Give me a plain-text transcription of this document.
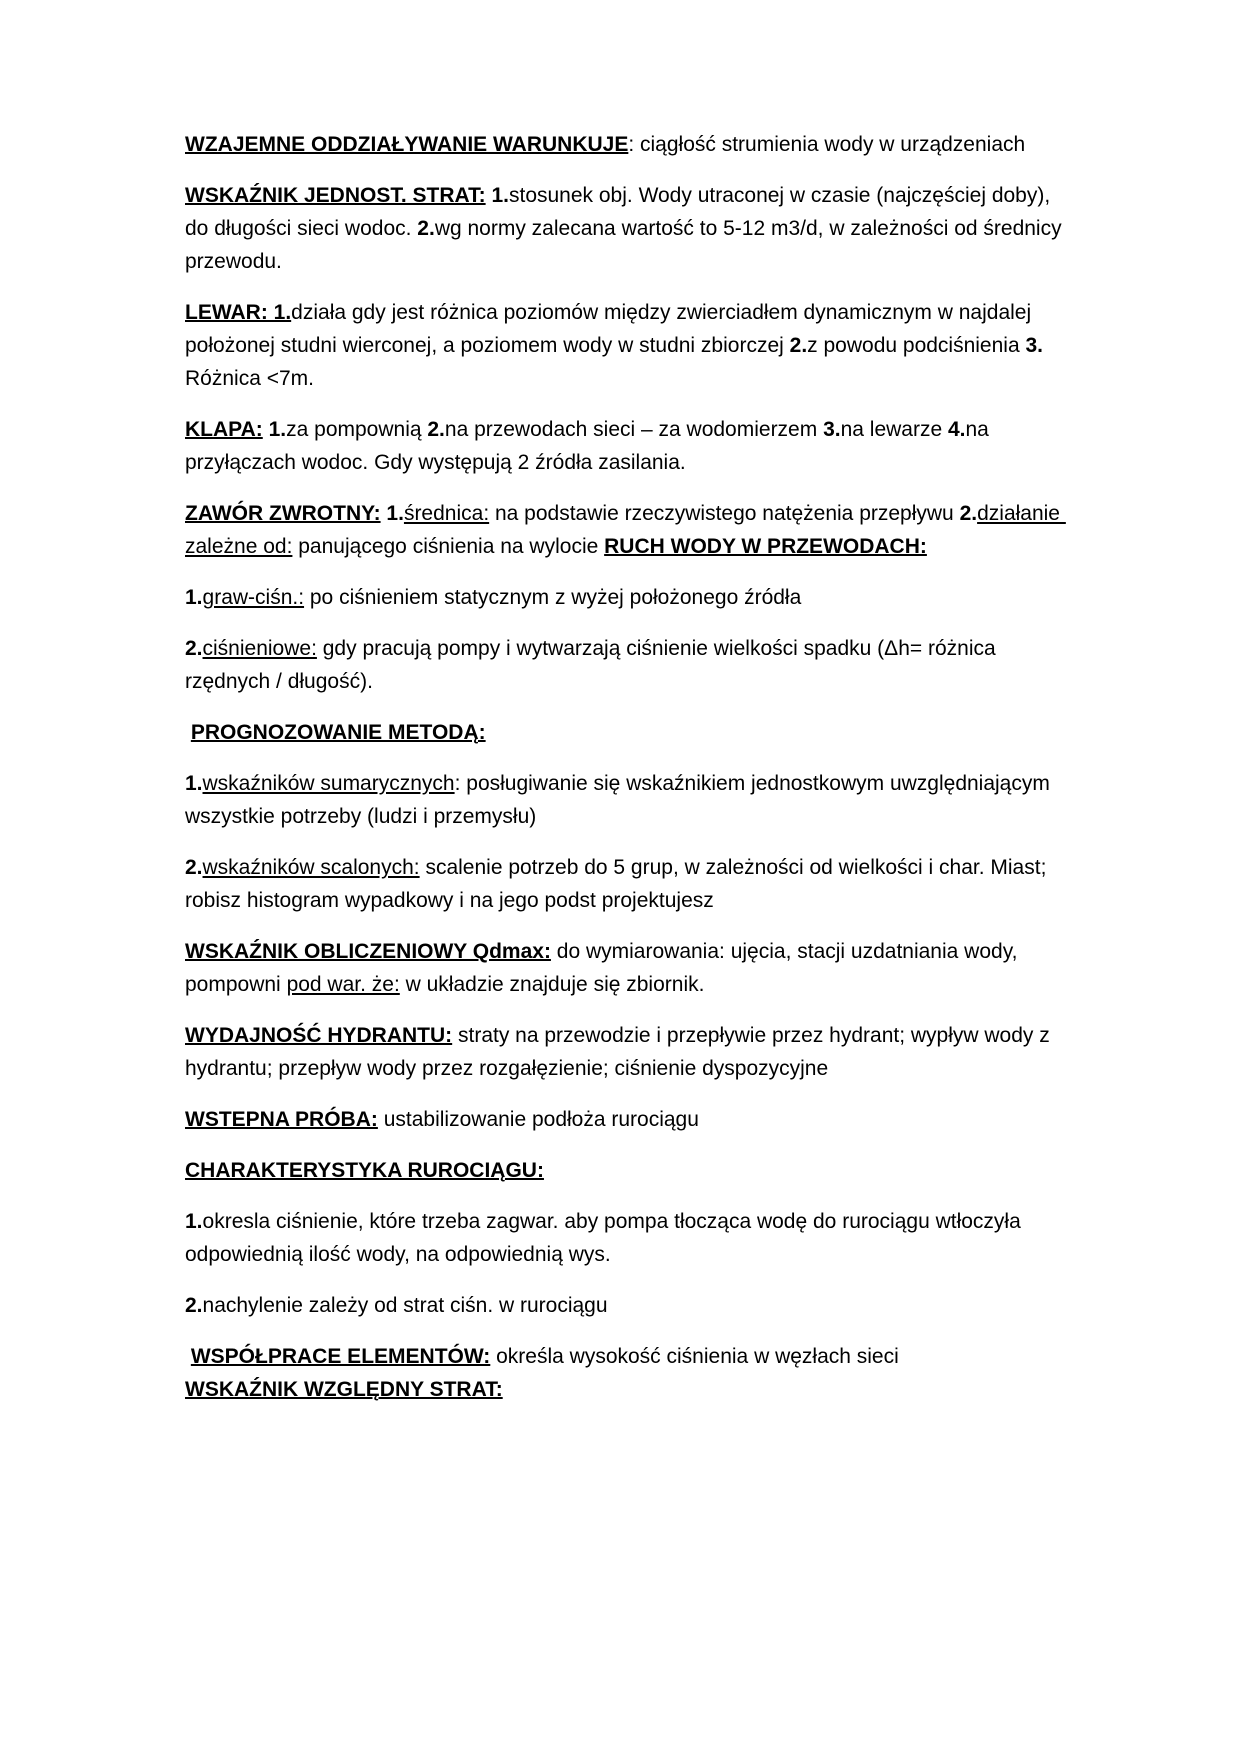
WZAJEMNE ODDZIAŁYWANIE WARUNKUJE: ciągłość strumienia wody w urządzeniach

WSKAŹNIK JEDNOST. STRAT: 1.stosunek obj. Wody utraconej w czasie (najczęściej doby), do długości sieci wodoc. 2.wg normy zalecana wartość to 5-12 m3/d, w zależności od średnicy przewodu.

LEWAR: 1.działa gdy jest różnica poziomów między zwierciadłem dynamicznym w najdalej położonej studni wierconej, a poziomem wody w studni zbiorczej 2.z powodu podciśnienia 3. Różnica <7m.

KLAPA: 1.za pompownią 2.na przewodach sieci – za wodomierzem 3.na lewarze 4.na przyłączach wodoc. Gdy występują 2 źródła zasilania.

ZAWÓR ZWROTNY: 1.średnica: na podstawie rzeczywistego natężenia przepływu 2.działanie zależne od: panującego ciśnienia na wylocie RUCH WODY W PRZEWODACH:

1.graw-ciśn.: po ciśnieniem statycznym z wyżej położonego źródła

2.ciśnieniowe: gdy pracują pompy i wytwarzają ciśnienie wielkości spadku (Δh= różnica rzędnych / długość).

PROGNOZOWANIE METODĄ:

1.wskaźników sumarycznych: posługiwanie się wskaźnikiem jednostkowym uwzględniającym wszystkie potrzeby (ludzi i przemysłu)

2.wskaźników scalonych: scalenie potrzeb do 5 grup, w zależności od wielkości i char. Miast; robisz histogram wypadkowy i na jego podst projektujesz

WSKAŹNIK OBLICZENIOWY Qdmax: do wymiarowania: ujęcia, stacji uzdatniania wody, pompowni pod war. że: w układzie znajduje się zbiornik.

WYDAJNOŚĆ HYDRANTU: straty na przewodzie i przepływie przez hydrant; wypływ wody z hydrantu; przepływ wody przez rozgałęzienie; ciśnienie dyspozycyjne

WSTEPNA PRÓBA: ustabilizowanie podłoża rurociągu

CHARAKTERYSTYKA RUROCIĄGU:

1.okresla ciśnienie, które trzeba zagwar. aby pompa tłocząca wodę do rurociągu wtłoczyła odpowiednią ilość wody, na odpowiednią wys.

2.nachylenie zależy od strat ciśn. w rurociągu

WSPÓŁPRACE ELEMENTÓW: określa wysokość ciśnienia w węzłach sieci
WSKAŹNIK WZGLĘDNY STRAT:
